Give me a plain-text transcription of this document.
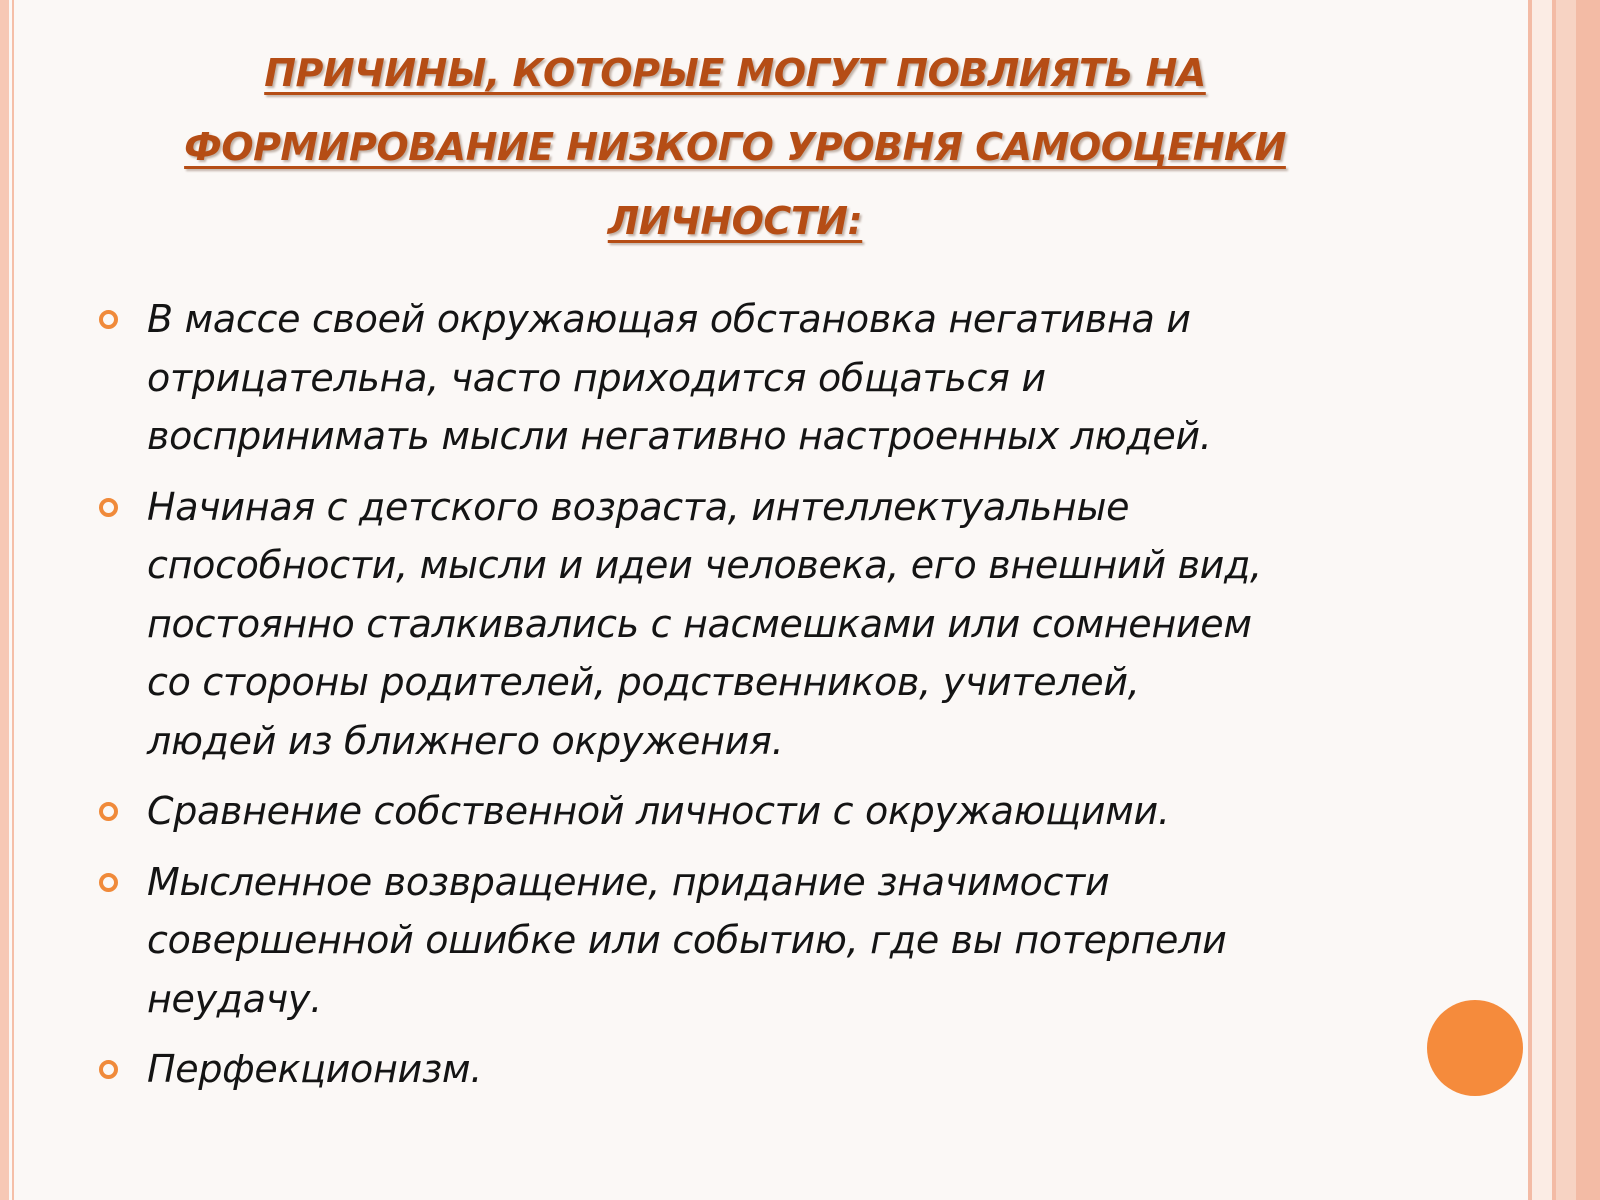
ПРИЧИНЫ, КОТОРЫЕ МОГУТ ПОВЛИЯТЬ НА
ФОРМИРОВАНИЕ НИЗКОГО УРОВНЯ САМООЦЕНКИ
ЛИЧНОСТИ:
В массе своей окружающая обстановка негативна и
отрицательна, часто приходится общаться и
воспринимать мысли негативно настроенных людей.
Начиная с детского возраста, интеллектуальные
способности, мысли и идеи человека, его внешний вид,
постоянно сталкивались с насмешками или сомнением
со стороны родителей, родственников, учителей,
людей из ближнего окружения.
Сравнение собственной личности с окружающими.
Мысленное возвращение, придание значимости
совершенной ошибке или событию, где вы потерпели
неудачу.
Перфекционизм.
